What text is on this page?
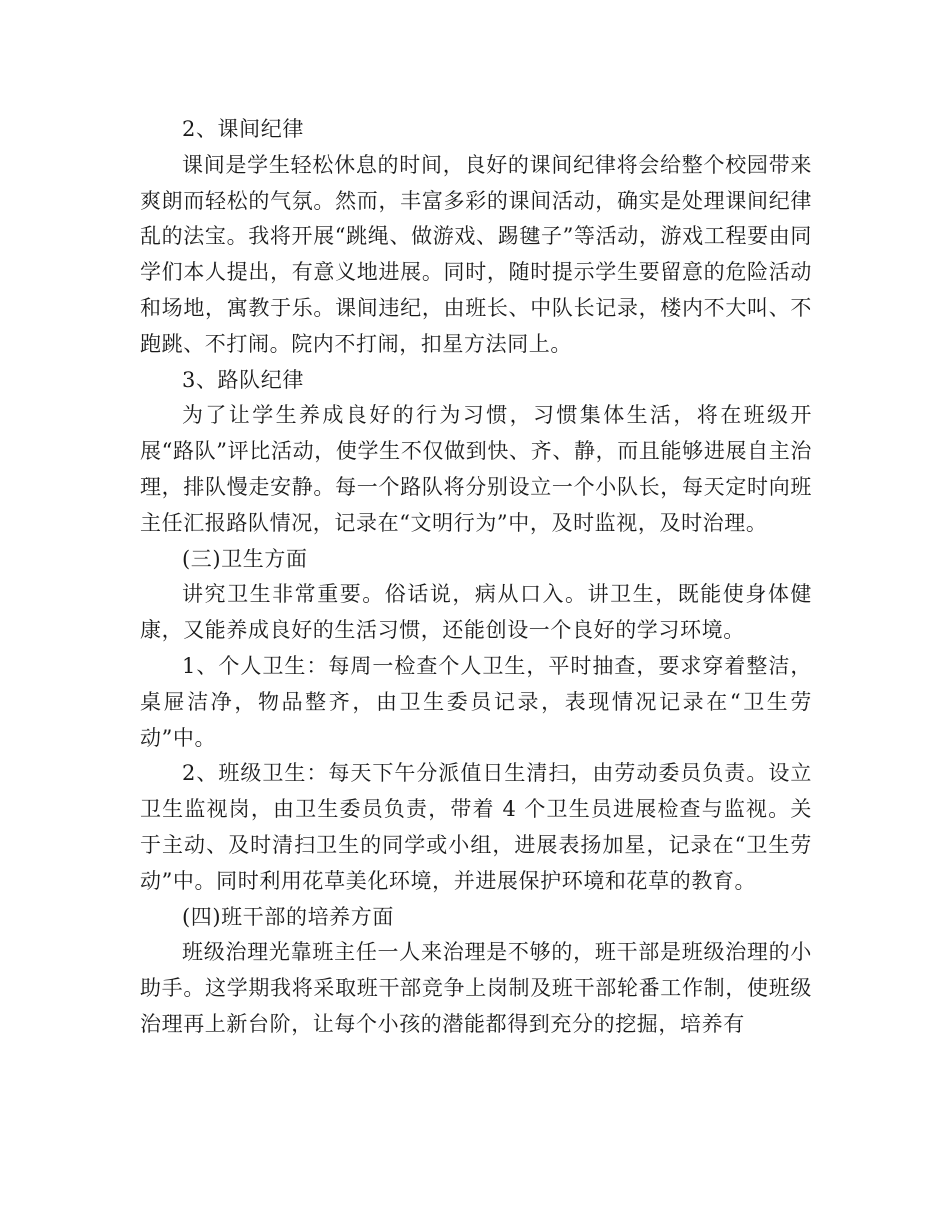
2、课间纪律

课间是学生轻松休息的时间，良好的课间纪律将会给整个校园带来爽朗而轻松的气氛。然而，丰富多彩的课间活动，确实是处理课间纪律乱的法宝。我将开展“跳绳、做游戏、踢毽子”等活动，游戏工程要由同学们本人提出，有意义地进展。同时，随时提示学生要留意的危险活动和场地，寓教于乐。课间违纪，由班长、中队长记录，楼内不大叫、不跑跳、不打闹。院内不打闹，扣星方法同上。

3、路队纪律

为了让学生养成良好的行为习惯，习惯集体生活，将在班级开展“路队”评比活动，使学生不仅做到快、齐、静，而且能够进展自主治理，排队慢走安静。每一个路队将分别设立一个小队长，每天定时向班主任汇报路队情况，记录在“文明行为”中，及时监视，及时治理。

(三)卫生方面

讲究卫生非常重要。俗话说，病从口入。讲卫生，既能使身体健康，又能养成良好的生活习惯，还能创设一个良好的学习环境。

1、个人卫生：每周一检查个人卫生，平时抽查，要求穿着整洁，桌屉洁净，物品整齐，由卫生委员记录，表现情况记录在“卫生劳动”中。

2、班级卫生：每天下午分派值日生清扫，由劳动委员负责。设立卫生监视岗，由卫生委员负责，带着 4 个卫生员进展检查与监视。关于主动、及时清扫卫生的同学或小组，进展表扬加星，记录在“卫生劳动”中。同时利用花草美化环境，并进展保护环境和花草的教育。

(四)班干部的培养方面

班级治理光靠班主任一人来治理是不够的，班干部是班级治理的小助手。这学期我将采取班干部竞争上岗制及班干部轮番工作制，使班级治理再上新台阶，让每个小孩的潜能都得到充分的挖掘，培养有
